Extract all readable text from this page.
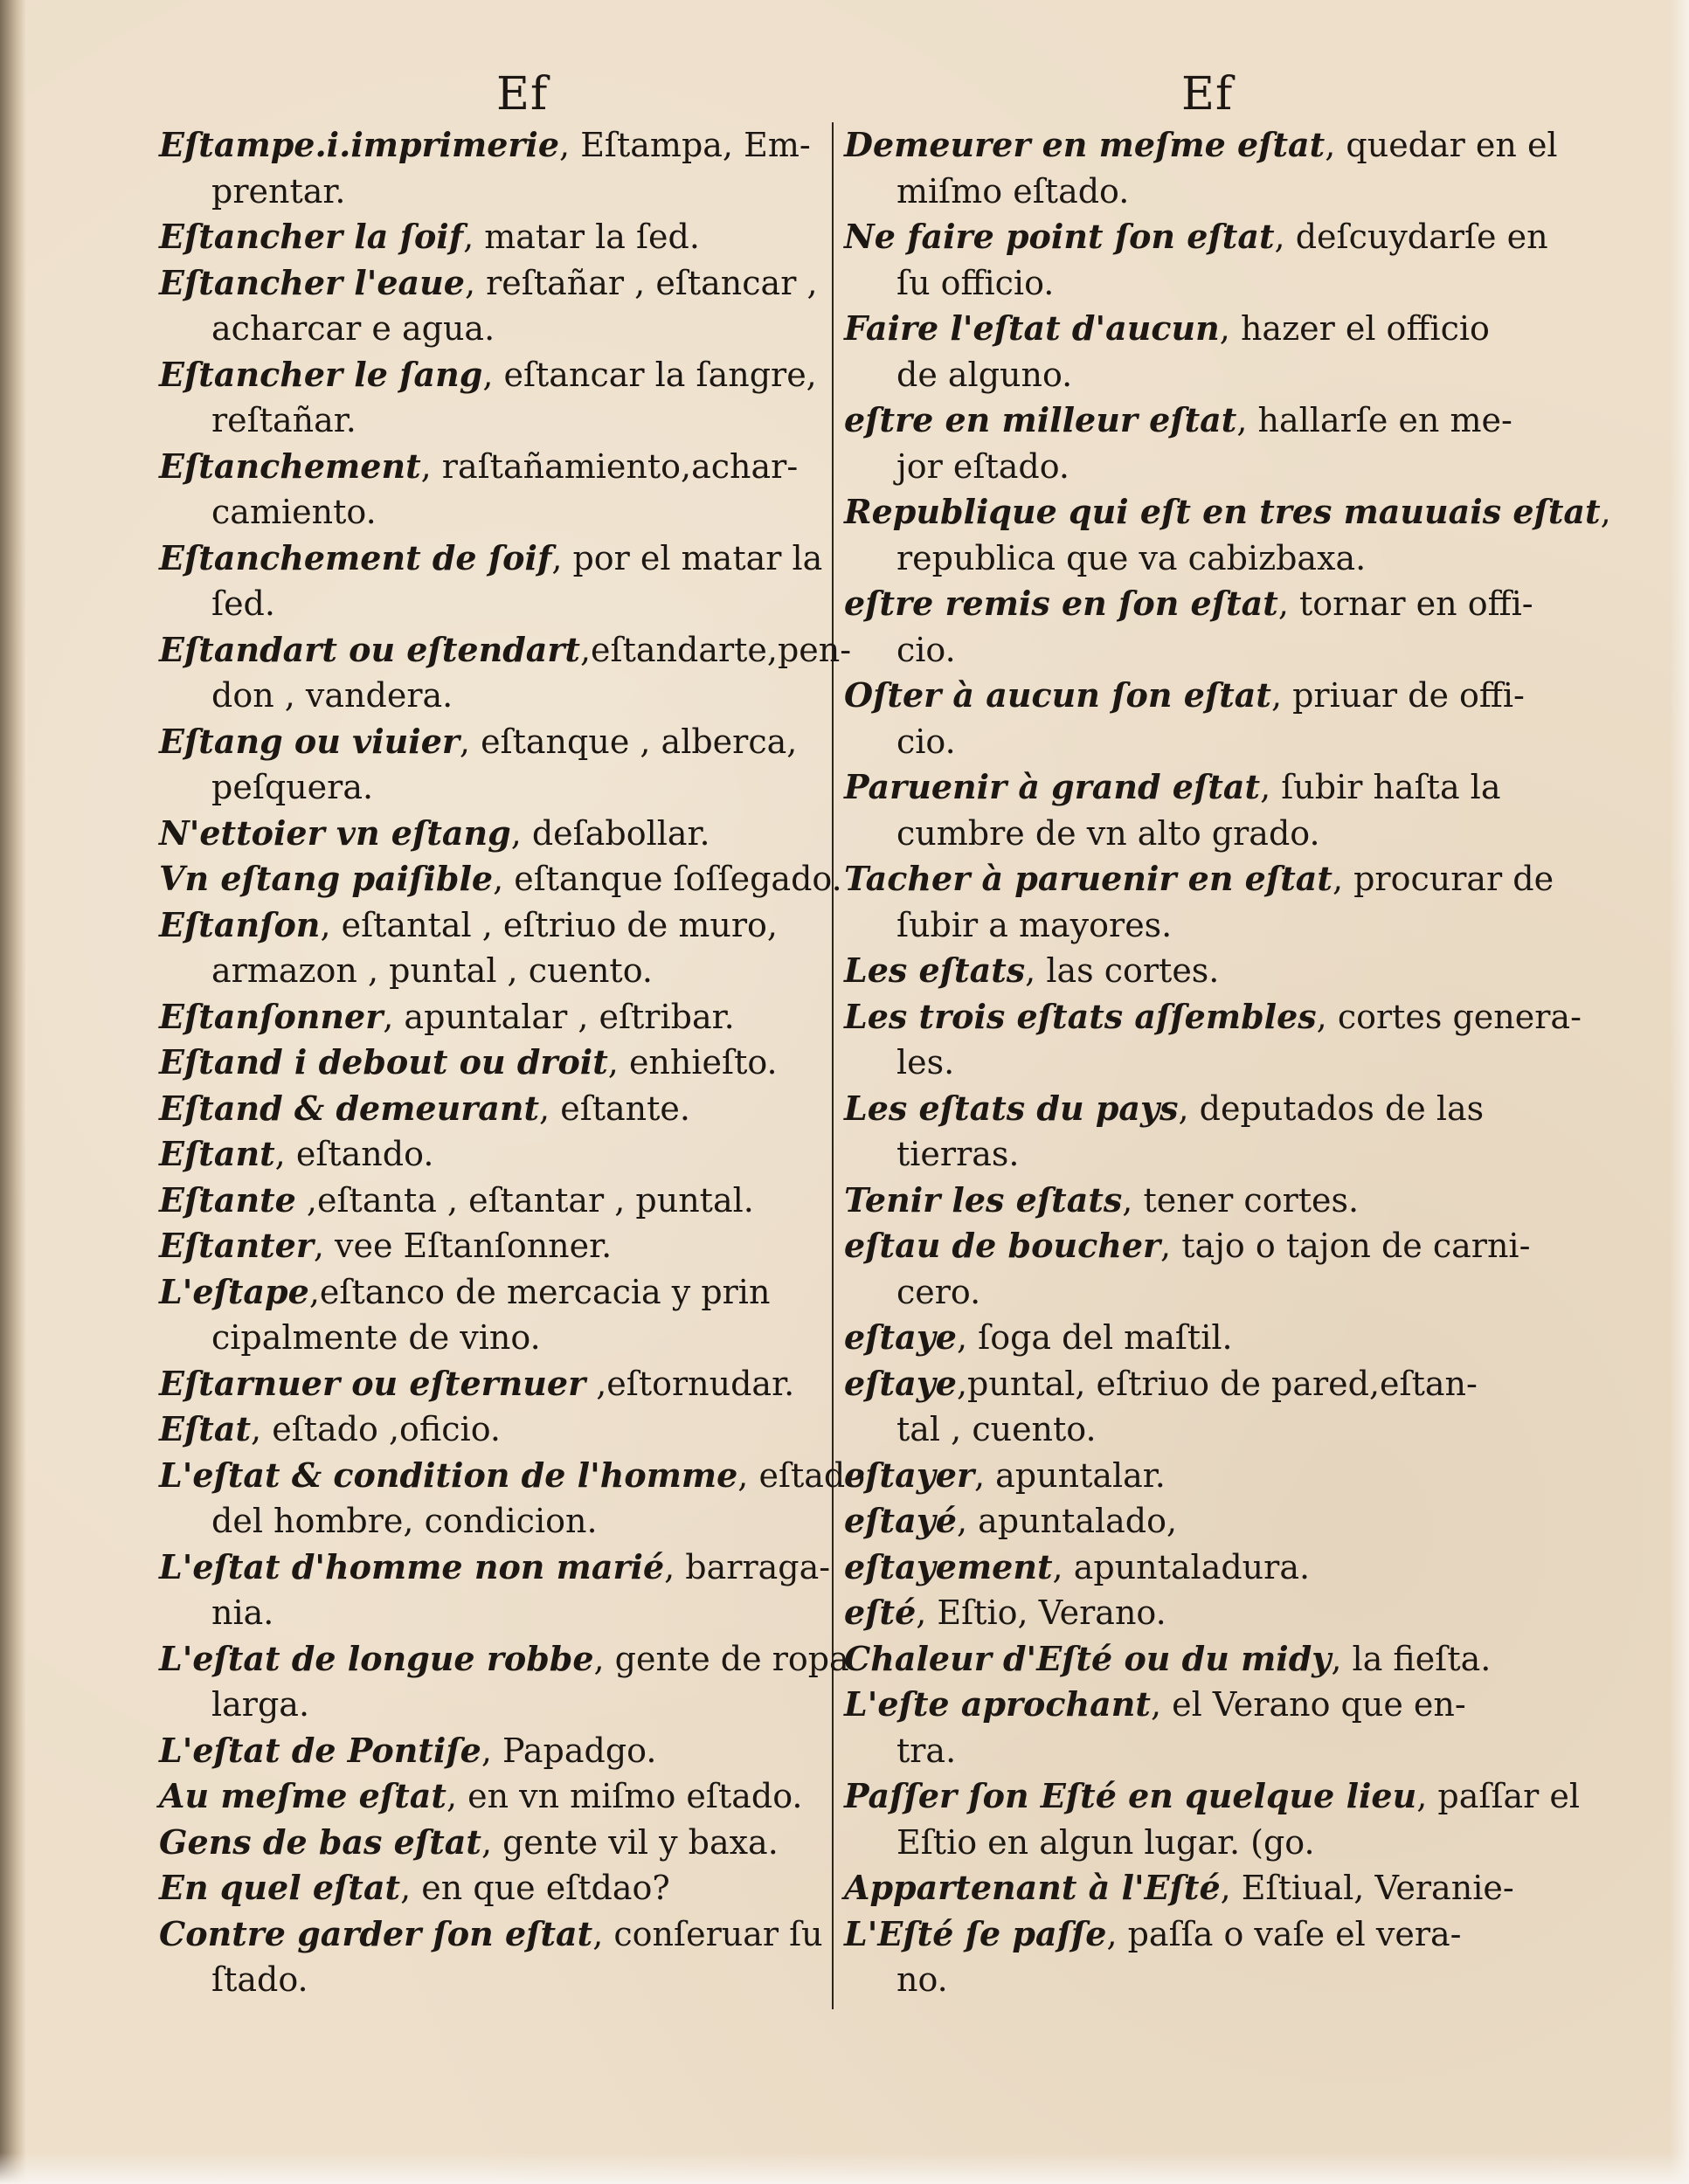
Ef	Ef
Eſtampe.i.imprimerie, Eſtampa, Em-
prentar.
Eſtancher la ſoif, matar la ſed.
Eſtancher l'eaue, reſtañar , eſtancar ,
acharcar e agua.
Eſtancher le ſang, eſtancar la ſangre,
reſtañar.
Eſtanchement, raſtañamiento,achar-
camiento.
Eſtanchement de ſoif, por el matar la
ſed.
Eſtandart ou eſtendart,eſtandarte,pen-
don , vandera.
Eſtang ou viuier, eſtanque , alberca,
peſquera.
N'ettoier vn eſtang, deſabollar.
Vn eſtang paiſible, eſtanque ſoſſegado.
Eſtanſon, eſtantal , eſtriuo de muro,
armazon , puntal , cuento.
Eſtanſonner, apuntalar , eſtribar.
Eſtand i debout ou droit, enhieſto.
Eſtand & demeurant, eſtante.
Eſtant, eſtando.
Eſtante ,eſtanta , eſtantar , puntal.
Eſtanter, vee Eſtanſonner.
L'eſtape,eſtanco de mercacia y prin
cipalmente de vino.
Eſtarnuer ou eſternuer ,eſtornudar.
Eſtat, eſtado ,oficio.
L'eſtat & condition de l'homme, eſtado
del hombre, condicion.
L'eſtat d'homme non marié, barraga-
nia.
L'eſtat de longue robbe, gente de ropa
larga.
L'eſtat de Pontiſe, Papadgo.
Au meſme eſtat, en vn miſmo eſtado.
Gens de bas eſtat, gente vil y baxa.
En quel eſtat, en que eſtdao?
Contre garder ſon eſtat, conſeruar ſu
ſtado.
Demeurer en meſme eſtat, quedar en el
miſmo eſtado.
Ne faire point ſon eſtat, deſcuydarſe en
ſu officio.
Faire l'eſtat d'aucun, hazer el officio
de alguno.
eſtre en milleur eſtat, hallarſe en me-
jor eſtado.
Republique qui eſt en tres mauuais eſtat,
republica que va cabizbaxa.
eſtre remis en ſon eſtat, tornar en offi-
cio.
Oſter à aucun ſon eſtat, priuar de offi-
cio.
Paruenir à grand eſtat, ſubir haſta la
cumbre de vn alto grado.
Tacher à paruenir en eſtat, procurar de
ſubir a mayores.
Les eſtats, las cortes.
Les trois eſtats aſſembles, cortes genera-
les.
Les eſtats du pays, deputados de las
tierras.
Tenir les eſtats, tener cortes.
eſtau de boucher, tajo o tajon de carni-
cero.
eſtaye, ſoga del maſtil.
eſtaye,puntal, eſtriuo de pared,eſtan-
tal , cuento.
eſtayer, apuntalar.
eſtayé, apuntalado,
eſtayement, apuntaladura.
eſté, Eſtio, Verano.
Chaleur d'Eſté ou du midy, la fieſta.
L'eſte aprochant, el Verano que en-
tra.
Paſſer ſon Eſté en quelque lieu, paſſar el
Eſtio en algun lugar. (go.
Appartenant à l'Eſté, Eſtiual, Veranie-
L'Eſté ſe paſſe, paſſa o vaſe el vera-
no.
